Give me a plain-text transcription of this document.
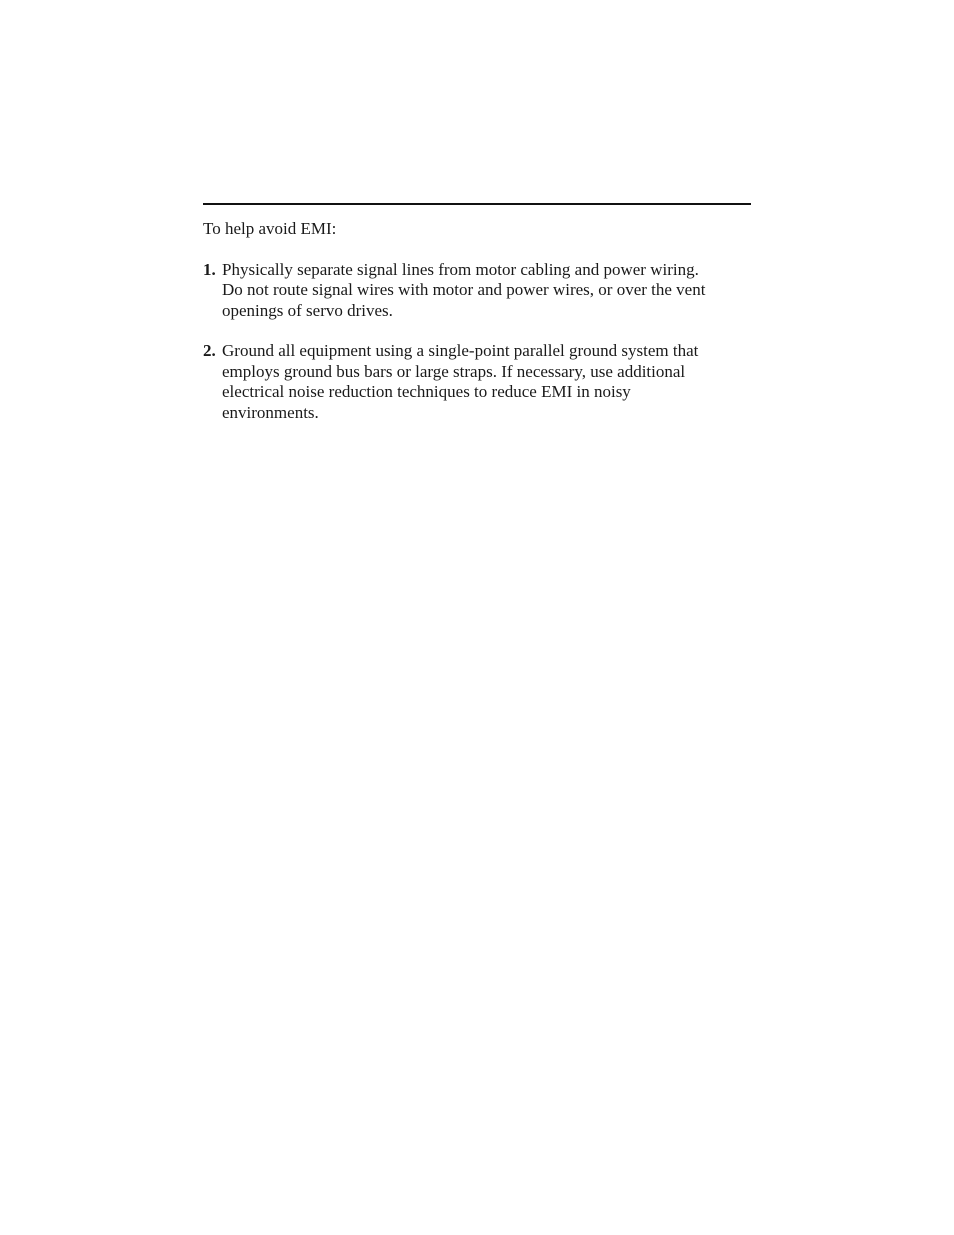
To help avoid EMI:

1. Physically separate signal lines from motor cabling and power wiring.
Do not route signal wires with motor and power wires, or over the vent
openings of servo drives.
2. Ground all equipment using a single-point parallel ground system that
employs ground bus bars or large straps. If necessary, use additional
electrical noise reduction techniques to reduce EMI in noisy
environments.
